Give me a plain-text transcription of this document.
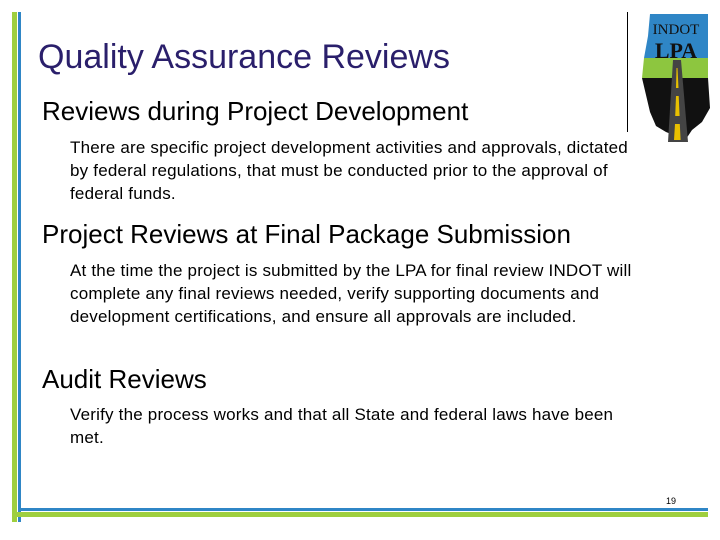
INDOT
LPA
Quality Assurance Reviews

Reviews during Project Development

There are specific project development activities and approvals, dictated by federal regulations, that must be conducted prior to the approval of federal funds.

Project Reviews at Final Package Submission

At the time the project is submitted by the LPA for final review INDOT will complete any final reviews needed, verify supporting documents and development certifications, and ensure all approvals are included.

Audit Reviews

Verify the process works and that all State and federal laws have been met.

19
